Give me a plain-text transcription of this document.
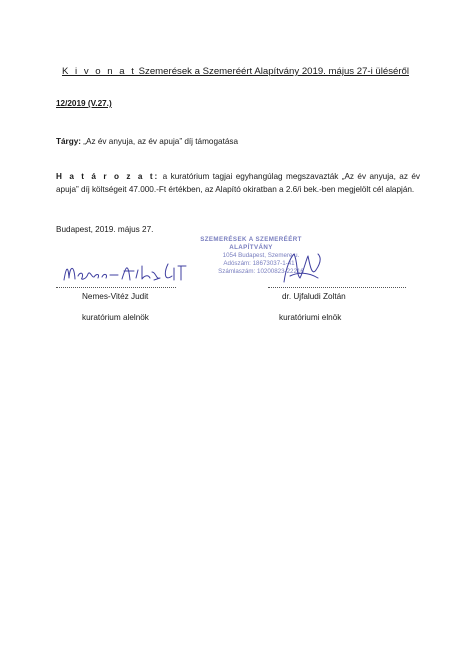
K i v o n a t Szemerések a Szemeréért Alapítvány 2019. május 27-i üléséről
12/2019 (V.27.)
Tárgy: „Az év anyuja, az év apuja” díj támogatása
H a t á r o z a t: a kuratórium tagjai egyhangúlag megszavazták „Az év anyuja, az év apuja” díj költségeit 47.000.-Ft értékben, az Alapító okiratban a 2.6/i bek.-ben megjelölt cél alapján.
Budapest, 2019. május 27.
SZEMERÉSEK A SZEMERÉÉRT
ALAPÍTVÁNY
1054 Budapest, Szemere u.
Adószám: 18673037-1-41
Számlaszám: 10200823-22216
Nemes-Vitéz Judit	dr. Ujfaludi Zoltán
kuratórium alelnök	kuratóriumi elnök
